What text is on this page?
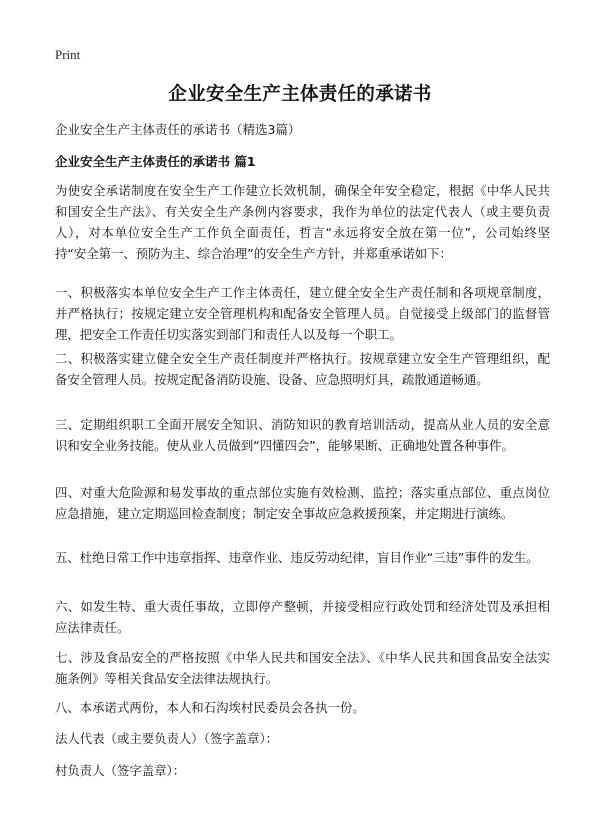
Print
企业安全生产主体责任的承诺书

企业安全生产主体责任的承诺书（精选3篇）

企业安全生产主体责任的承诺书 篇1

为使安全承诺制度在安全生产工作建立长效机制，确保全年安全稳定，根据《中华人民共和国安全生产法》、有关安全生产条例内容要求，我作为单位的法定代表人（或主要负责人），对本单位安全生产工作负全面责任，哲言“永远将安全放在第一位”，公司始终坚持“安全第一、预防为主、综合治理”的安全生产方针，并郑重承诺如下：

一、积极落实本单位安全生产工作主体责任，建立健全安全生产责任制和各项规章制度，并严格执行；按规定建立安全管理机构和配备安全管理人员。自觉接受上级部门的监督管理，把安全工作责任切实落实到部门和责任人以及每一个职工。

二、积极落实建立健全安全生产责任制度并严格执行。按规章建立安全生产管理组织，配备安全管理人员。按规定配备消防设施、设备、应急照明灯具，疏散通道畅通。

三、定期组织职工全面开展安全知识、消防知识的教育培训活动，提高从业人员的安全意识和安全业务技能。使从业人员做到“四懂四会”，能够果断、正确地处置各种事件。

四、对重大危险源和易发事故的重点部位实施有效检测、监控；落实重点部位、重点岗位应急措施，建立定期巡回检查制度；制定安全事故应急救援预案，并定期进行演练。

五、杜绝日常工作中违章指挥、违章作业、违反劳动纪律，盲目作业“三违”事件的发生。

六、如发生特、重大责任事故，立即停产整顿，并接受相应行政处罚和经济处罚及承担相应法律责任。

七、涉及食品安全的严格按照《中华人民共和国安全法》、《中华人民共和国食品安全法实施条例》等相关食品安全法律法规执行。

八、本承诺式两份，本人和石沟埃村民委员会各执一份。

法人代表（或主要负责人）（签字盖章）：

村负责人（签字盖章）：
